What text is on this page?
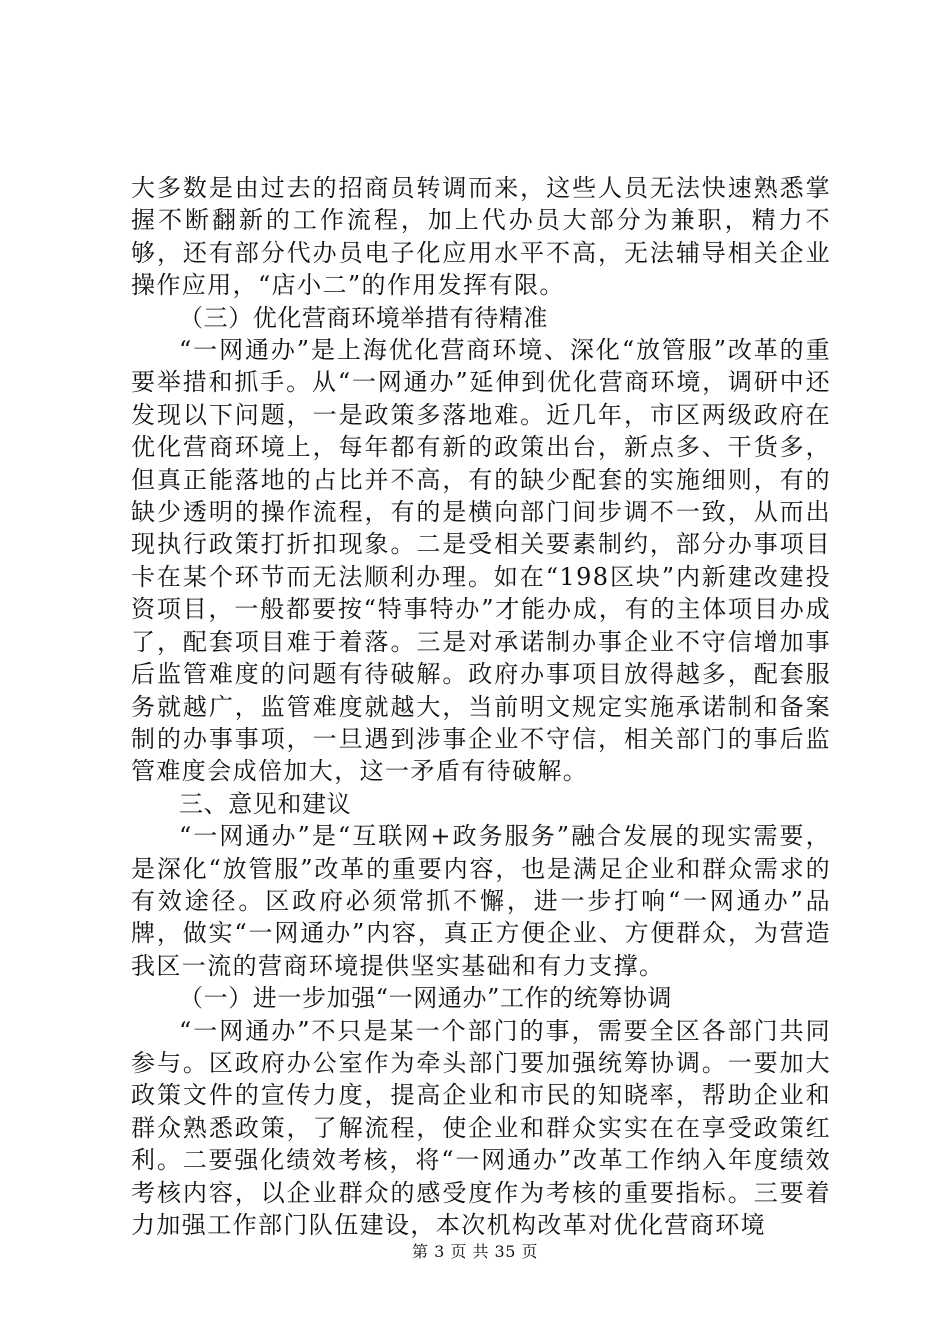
大多数是由过去的招商员转调而来，这些人员无法快速熟悉掌握不断翻新的工作流程，加上代办员大部分为兼职，精力不够，还有部分代办员电子化应用水平不高，无法辅导相关企业操作应用，“店小二”的作用发挥有限。

（三）优化营商环境举措有待精准

“一网通办”是上海优化营商环境、深化“放管服”改革的重要举措和抓手。从“一网通办”延伸到优化营商环境，调研中还发现以下问题，一是政策多落地难。近几年，市区两级政府在优化营商环境上，每年都有新的政策出台，新点多、干货多，但真正能落地的占比并不高，有的缺少配套的实施细则，有的缺少透明的操作流程，有的是横向部门间步调不一致，从而出现执行政策打折扣现象。二是受相关要素制约，部分办事项目卡在某个环节而无法顺利办理。如在“198区块”内新建改建投资项目，一般都要按“特事特办”才能办成，有的主体项目办成了，配套项目难于着落。三是对承诺制办事企业不守信增加事后监管难度的问题有待破解。政府办事项目放得越多，配套服务就越广，监管难度就越大，当前明文规定实施承诺制和备案制的办事事项，一旦遇到涉事企业不守信，相关部门的事后监管难度会成倍加大，这一矛盾有待破解。

三、意见和建议

“一网通办”是“互联网+政务服务”融合发展的现实需要，是深化“放管服”改革的重要内容，也是满足企业和群众需求的有效途径。区政府必须常抓不懈，进一步打响“一网通办”品牌，做实“一网通办”内容，真正方便企业、方便群众，为营造我区一流的营商环境提供坚实基础和有力支撑。

（一）进一步加强“一网通办”工作的统筹协调

“一网通办”不只是某一个部门的事，需要全区各部门共同参与。区政府办公室作为牵头部门要加强统筹协调。一要加大政策文件的宣传力度，提高企业和市民的知晓率，帮助企业和群众熟悉政策，了解流程，使企业和群众实实在在享受政策红利。二要强化绩效考核，将“一网通办”改革工作纳入年度绩效考核内容，以企业群众的感受度作为考核的重要指标。三要着力加强工作部门队伍建设，本次机构改革对优化营商环境

第 3 页 共 35 页
